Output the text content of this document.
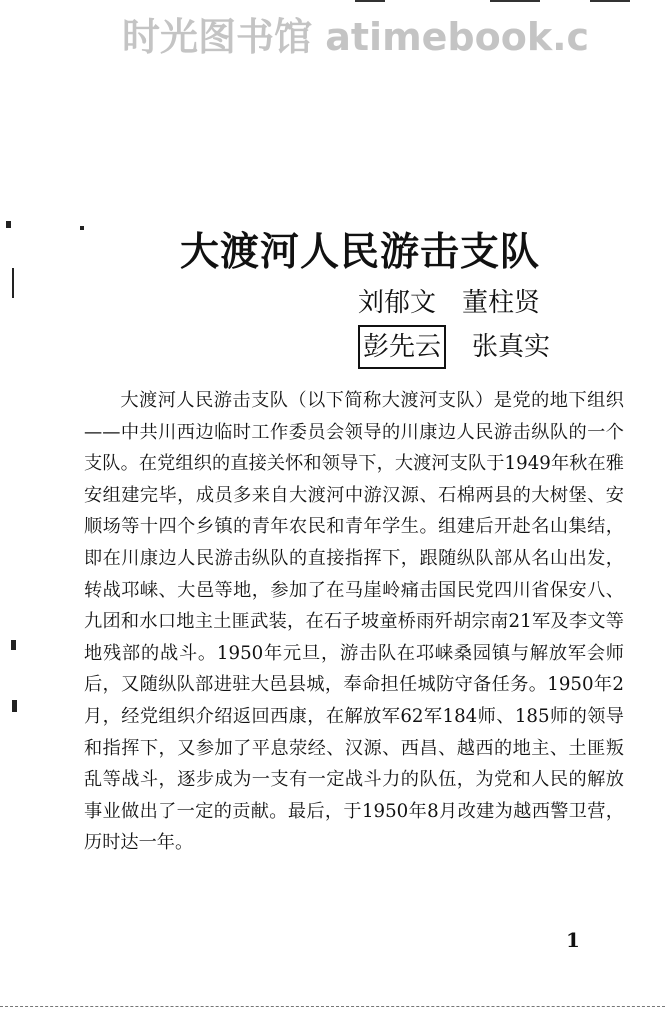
时光图书馆 atimebook.c
大渡河人民游击支队
刘郁文 董柱贤
彭先云 张真实

大渡河人民游击支队（以下简称大渡河支队）是党的地下组织——中共川西边临时工作委员会领导的川康边人民游击纵队的一个支队。在党组织的直接关怀和领导下，大渡河支队于1949年秋在雅安组建完毕，成员多来自大渡河中游汉源、石棉两县的大树堡、安顺场等十四个乡镇的青年农民和青年学生。组建后开赴名山集结，即在川康边人民游击纵队的直接指挥下，跟随纵队部从名山出发，转战邛崃、大邑等地，参加了在马崖岭痛击国民党四川省保安八、九团和水口地主土匪武装，在石子坡童桥雨歼胡宗南21军及李文等地残部的战斗。1950年元旦，游击队在邛崃桑园镇与解放军会师后，又随纵队部进驻大邑县城，奉命担任城防守备任务。1950年2月，经党组织介绍返回西康，在解放军62军184师、185师的领导和指挥下，又参加了平息荥经、汉源、西昌、越西的地主、土匪叛乱等战斗，逐步成为一支有一定战斗力的队伍，为党和人民的解放事业做出了一定的贡献。最后，于1950年8月改建为越西警卫营，历时达一年。

1
